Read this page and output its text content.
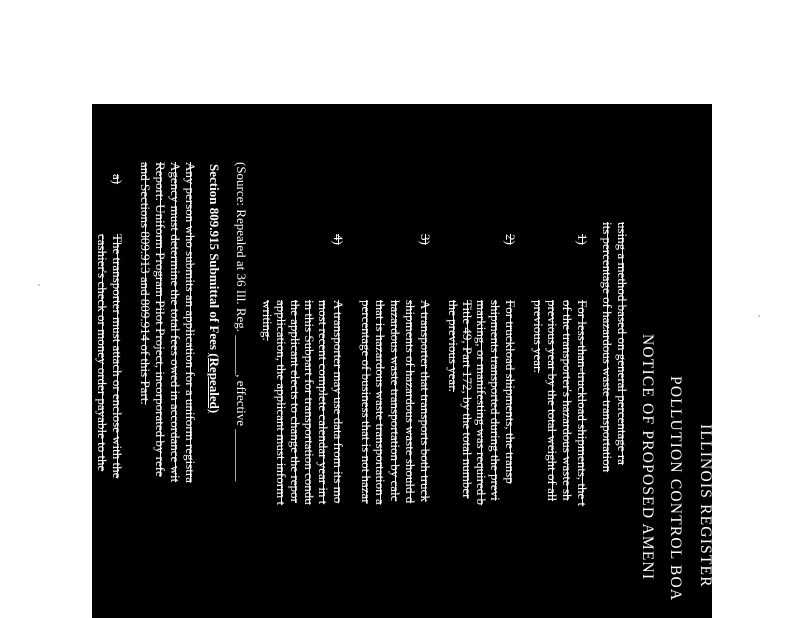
ILLINOIS REGISTER
POLLUTION CONTROL BOA
NOTICE OF PROPOSED AMENI
using a method based on general percentage ra
its percentage of hazardous waste transportation
1)
For less-than-truckload shipments, the t
of the transporter's hazardous waste sh
previous year by the total weight of all
previous year.
2)
For truckload shipments, the transp
shipments transported during the previ
marking, or manifesting was required b
Title 49, Part 172, by the total number
the previous year.
3)
A transporter that transports both truck
shipments of hazardous waste should d
hazardous waste transportation by calc
that is hazardous waste transportation a
percentage of business that is not hazar
4)
A transporter may use data from its mo
most recent complete calendar year in t
in this Subpart for transportation condu
the applicant elects to change the repor
application, the applicant must inform t
writing.
(Source: Repealed at 36 Ill. Reg. ______, effective ________
Section 809.915 Submittal of Fees (Repealed)
Any person who submits an application for a uniform registra
Agency must determine the total fees owed in accordance wit
Report: Uniform Program Pilot Project, incorporated by refe
and Sections 809.913 and 809.914 of this Part.
a)
The transporter must attach or enclose with the
cashier's check or money order payable to the
appropriate amount.
